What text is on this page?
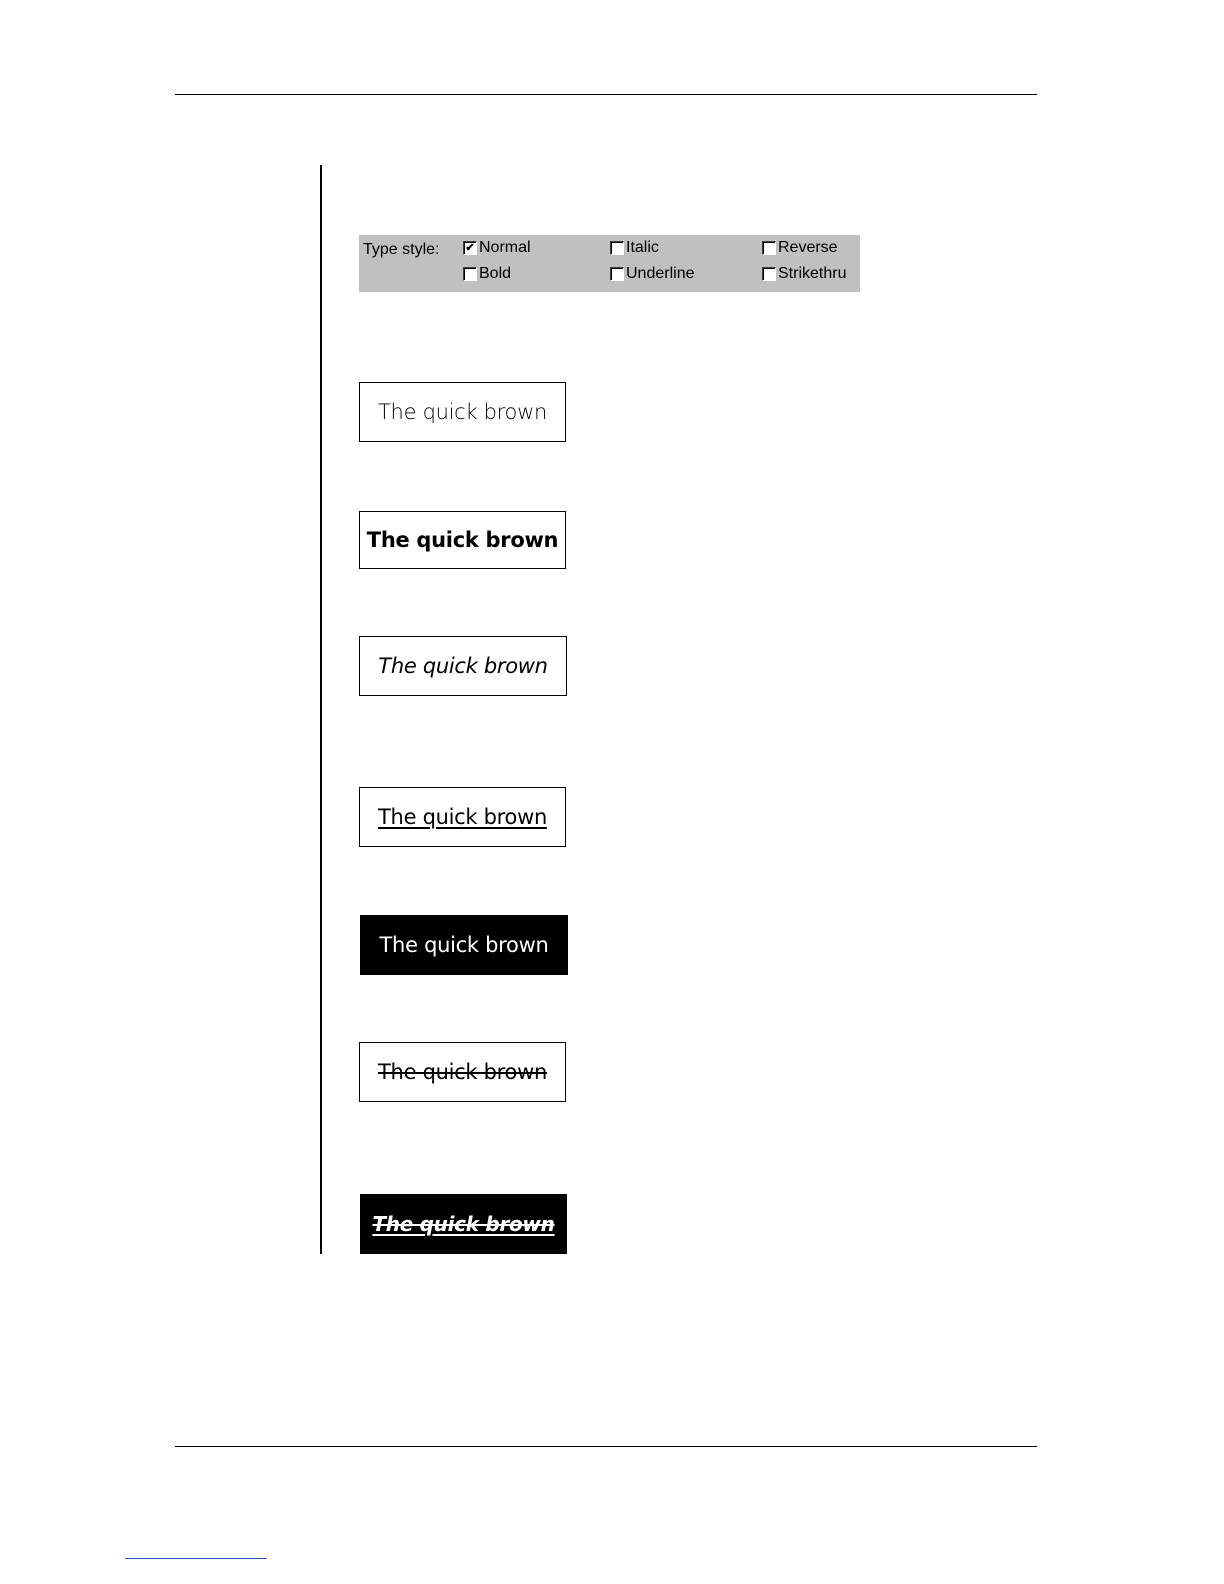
Type style: ✔ Normal
Bold
Italic
Underline
Reverse
Strikethru
The quick brown
The quick brown
The quick brown
The quick brown
The quick brown
The quick brown
The quick brown
